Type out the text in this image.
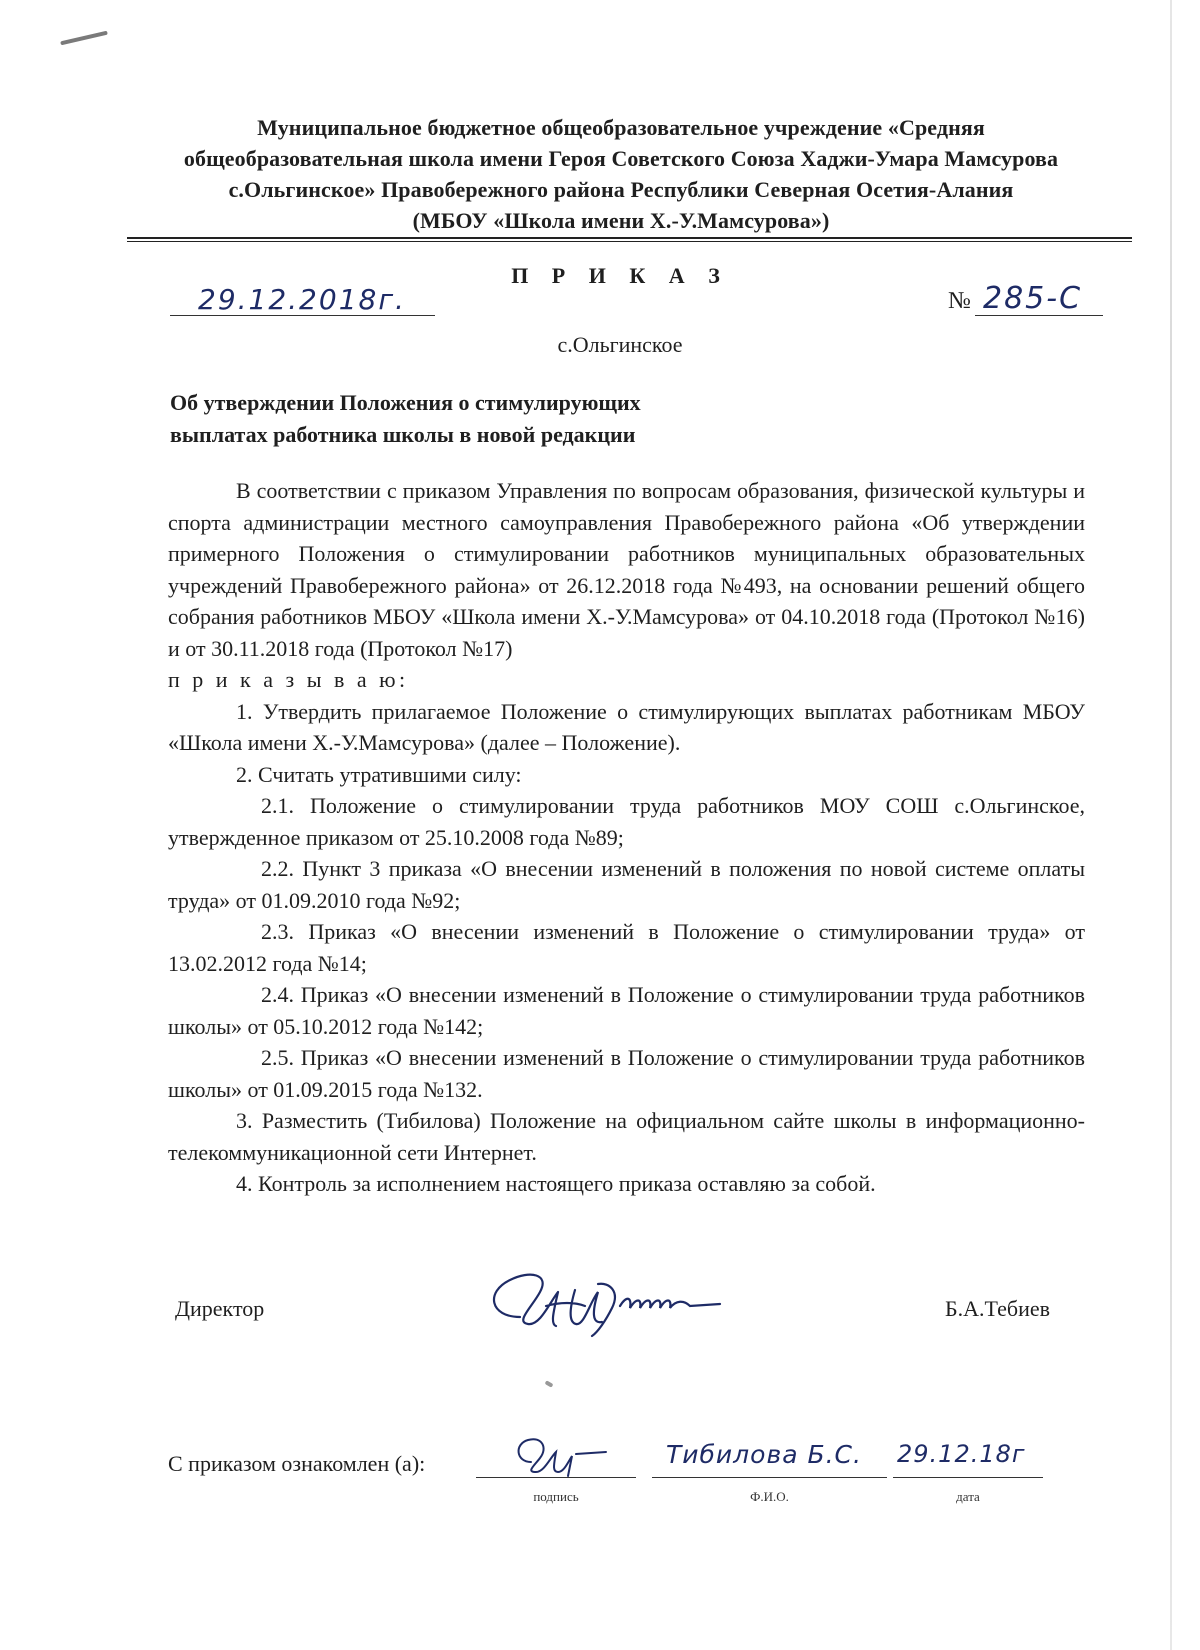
Муниципальное бюджетное общеобразовательное учреждение «Средняя
общеобразовательная школа имени Героя Советского Союза Хаджи-Умара Мамсурова
с.Ольгинское» Правобережного района Республики Северная Осетия-Алания
(МБОУ «Школа имени Х.-У.Мамсурова»)
П Р И К А З
29.12.2018г.	№ 285-С
с.Ольгинское
Об утверждении Положения о стимулирующих
выплатах работника школы в новой редакции

В соответствии с приказом Управления по вопросам образования, физической культуры и спорта администрации местного самоуправления Правобережного района «Об утверждении примерного Положения о стимулировании работников муниципальных образовательных учреждений Правобережного района» от 26.12.2018 года №493, на основании решений общего собрания работников МБОУ «Школа имени Х.-У.Мамсурова» от 04.10.2018 года (Протокол №16) и от 30.11.2018 года (Протокол №17)

п р и к а з ы в а ю:

1. Утвердить прилагаемое Положение о стимулирующих выплатах работникам МБОУ «Школа имени Х.-У.Мамсурова» (далее – Положение).

2. Считать утратившими силу:

2.1. Положение о стимулировании труда работников МОУ СОШ с.Ольгинское, утвержденное приказом от 25.10.2008 года №89;

2.2. Пункт 3 приказа «О внесении изменений в положения по новой системе оплаты труда» от 01.09.2010 года №92;

2.3. Приказ «О внесении изменений в Положение о стимулировании труда» от 13.02.2012 года №14;

2.4. Приказ «О внесении изменений в Положение о стимулировании труда работников школы» от 05.10.2012 года №142;

2.5. Приказ «О внесении изменений в Положение о стимулировании труда работников школы» от 01.09.2015 года №132.

3. Разместить (Тибилова) Положение на официальном сайте школы в информационно-телекоммуникационной сети Интернет.

4. Контроль за исполнением настоящего приказа оставляю за собой.

Директор	Б.А.Тебиев
С приказом ознакомлен (а):	Тибилова Б.С. 29.12.18г
подпись	Ф.И.О.	дата
